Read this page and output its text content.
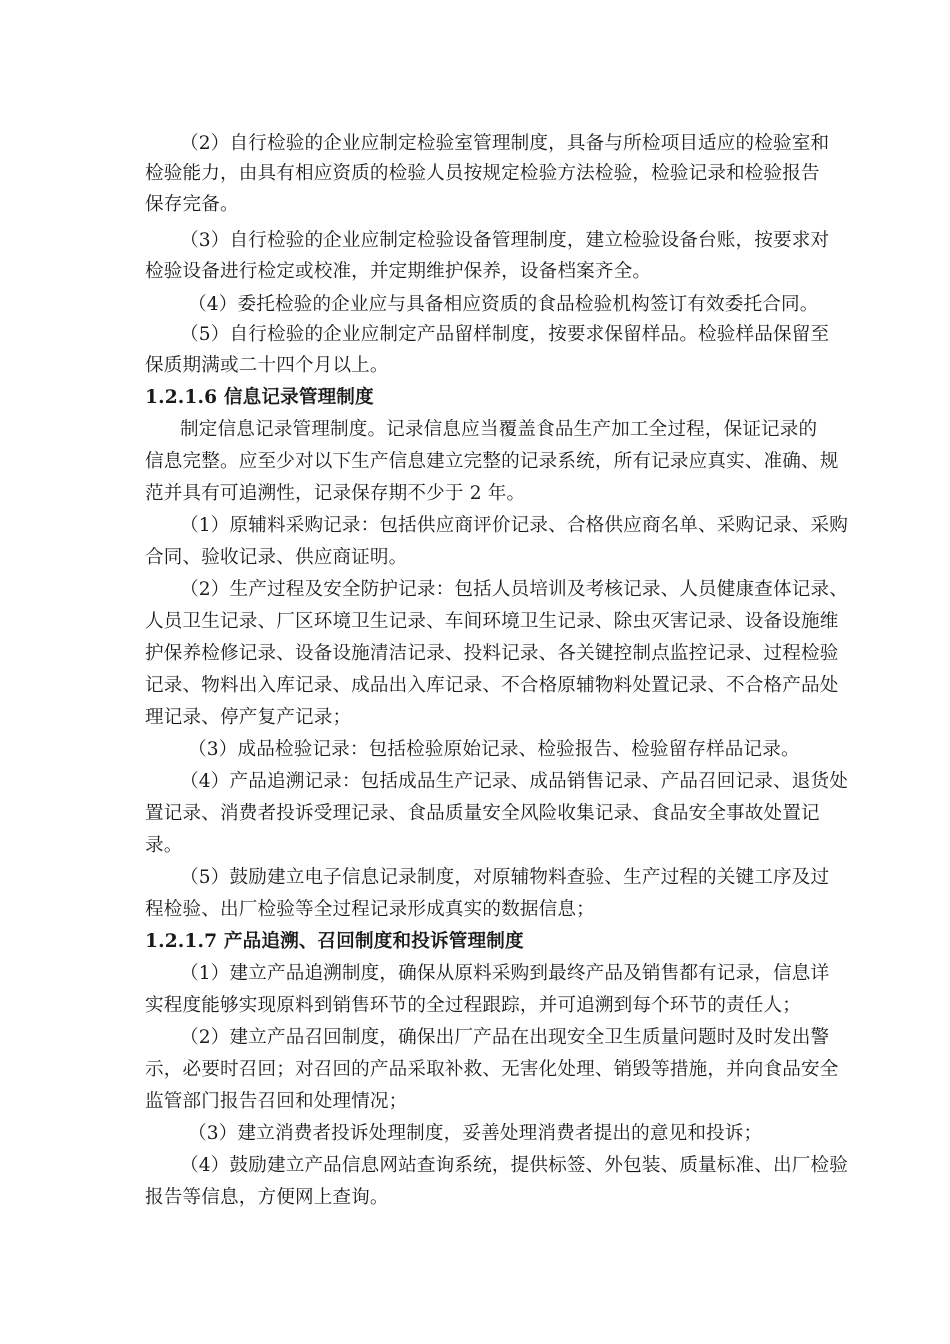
（2）自行检验的企业应制定检验室管理制度，具备与所检项目适应的检验室和
检验能力，由具有相应资质的检验人员按规定检验方法检验，检验记录和检验报告
保存完备。
（3）自行检验的企业应制定检验设备管理制度，建立检验设备台账，按要求对
检验设备进行检定或校准，并定期维护保养，设备档案齐全。
（4）委托检验的企业应与具备相应资质的食品检验机构签订有效委托合同。
（5）自行检验的企业应制定产品留样制度，按要求保留样品。检验样品保留至
保质期满或二十四个月以上。
1.2.1.6 信息记录管理制度
制定信息记录管理制度。记录信息应当覆盖食品生产加工全过程，保证记录的
信息完整。应至少对以下生产信息建立完整的记录系统，所有记录应真实、准确、规
范并具有可追溯性，记录保存期不少于 2 年。
（1）原辅料采购记录：包括供应商评价记录、合格供应商名单、采购记录、采购
合同、验收记录、供应商证明。
（2）生产过程及安全防护记录：包括人员培训及考核记录、人员健康查体记录、
人员卫生记录、厂区环境卫生记录、车间环境卫生记录、除虫灭害记录、设备设施维
护保养检修记录、设备设施清洁记录、投料记录、各关键控制点监控记录、过程检验
记录、物料出入库记录、成品出入库记录、不合格原辅物料处置记录、不合格产品处
理记录、停产复产记录；
（3）成品检验记录：包括检验原始记录、检验报告、检验留存样品记录。
（4）产品追溯记录：包括成品生产记录、成品销售记录、产品召回记录、退货处
置记录、消费者投诉受理记录、食品质量安全风险收集记录、食品安全事故处置记
录。
（5）鼓励建立电子信息记录制度，对原辅物料查验、生产过程的关键工序及过
程检验、出厂检验等全过程记录形成真实的数据信息；
1.2.1.7 产品追溯、召回制度和投诉管理制度
（1）建立产品追溯制度，确保从原料采购到最终产品及销售都有记录，信息详
实程度能够实现原料到销售环节的全过程跟踪，并可追溯到每个环节的责任人；
（2）建立产品召回制度，确保出厂产品在出现安全卫生质量问题时及时发出警
示，必要时召回；对召回的产品采取补救、无害化处理、销毁等措施，并向食品安全
监管部门报告召回和处理情况；
（3）建立消费者投诉处理制度，妥善处理消费者提出的意见和投诉；
（4）鼓励建立产品信息网站查询系统，提供标签、外包装、质量标准、出厂检验
报告等信息，方便网上查询。
